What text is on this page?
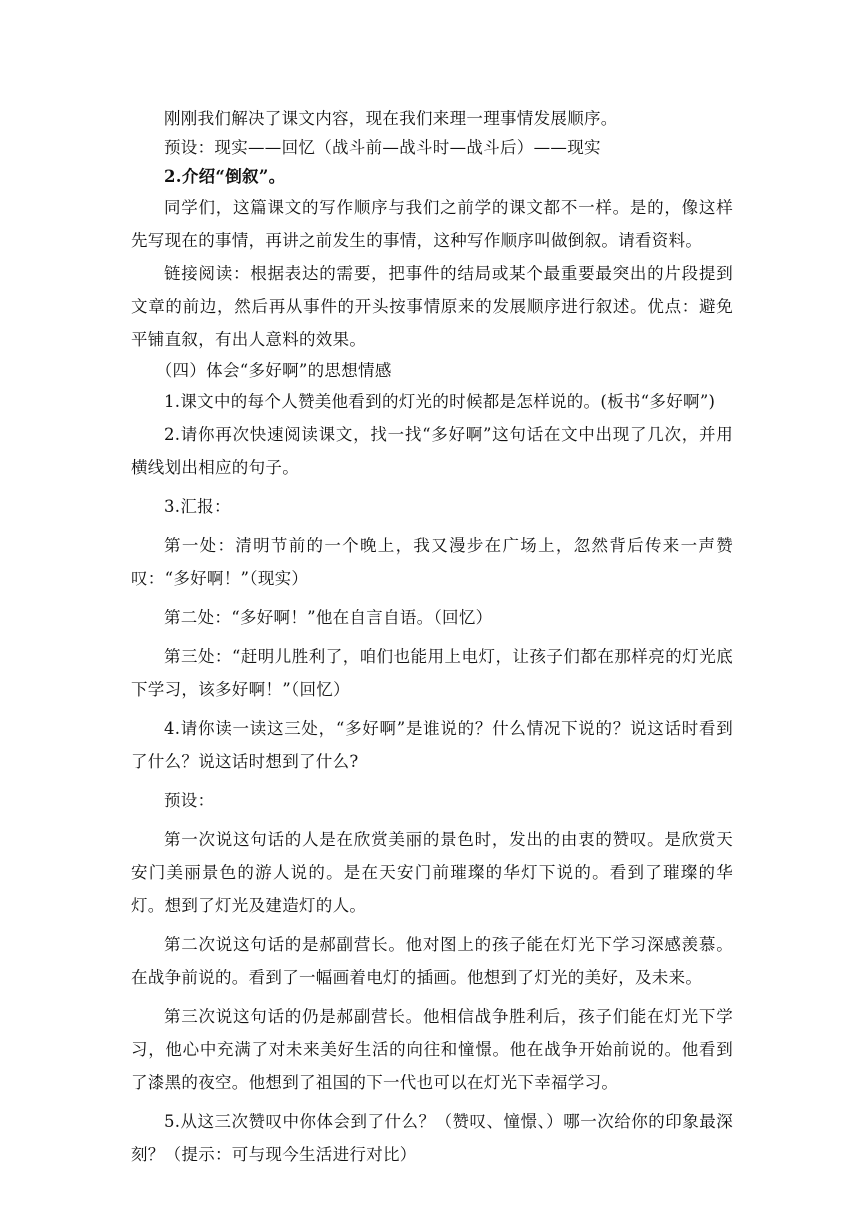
刚刚我们解决了课文内容，现在我们来理一理事情发展顺序。

预设：现实——回忆（战斗前—战斗时—战斗后）——现实

2.介绍“倒叙”。

同学们，这篇课文的写作顺序与我们之前学的课文都不一样。是的，像这样先写现在的事情，再讲之前发生的事情，这种写作顺序叫做倒叙。请看资料。

链接阅读：根据表达的需要，把事件的结局或某个最重要最突出的片段提到文章的前边，然后再从事件的开头按事情原来的发展顺序进行叙述。优点：避免平铺直叙，有出人意料的效果。

（四）体会“多好啊”的思想情感

1.课文中的每个人赞美他看到的灯光的时候都是怎样说的。(板书“多好啊”)

2.请你再次快速阅读课文，找一找“多好啊”这句话在文中出现了几次，并用横线划出相应的句子。

3.汇报：

第一处：清明节前的一个晚上，我又漫步在广场上，忽然背后传来一声赞叹：“多好啊！”（现实）

第二处：“多好啊！”他在自言自语。（回忆）

第三处：“赶明儿胜利了，咱们也能用上电灯，让孩子们都在那样亮的灯光底下学习，该多好啊！”（回忆）

4.请你读一读这三处，“多好啊”是谁说的？什么情况下说的？说这话时看到了什么？说这话时想到了什么?

预设：

第一次说这句话的人是在欣赏美丽的景色时，发出的由衷的赞叹。是欣赏天安门美丽景色的游人说的。是在天安门前璀璨的华灯下说的。看到了璀璨的华灯。想到了灯光及建造灯的人。

第二次说这句话的是郝副营长。他对图上的孩子能在灯光下学习深感羡慕。在战争前说的。看到了一幅画着电灯的插画。他想到了灯光的美好，及未来。

第三次说这句话的仍是郝副营长。他相信战争胜利后，孩子们能在灯光下学习，他心中充满了对未来美好生活的向往和憧憬。他在战争开始前说的。他看到了漆黑的夜空。他想到了祖国的下一代也可以在灯光下幸福学习。

5.从这三次赞叹中你体会到了什么？（赞叹、憧憬、）哪一次给你的印象最深刻？（提示：可与现今生活进行对比）
